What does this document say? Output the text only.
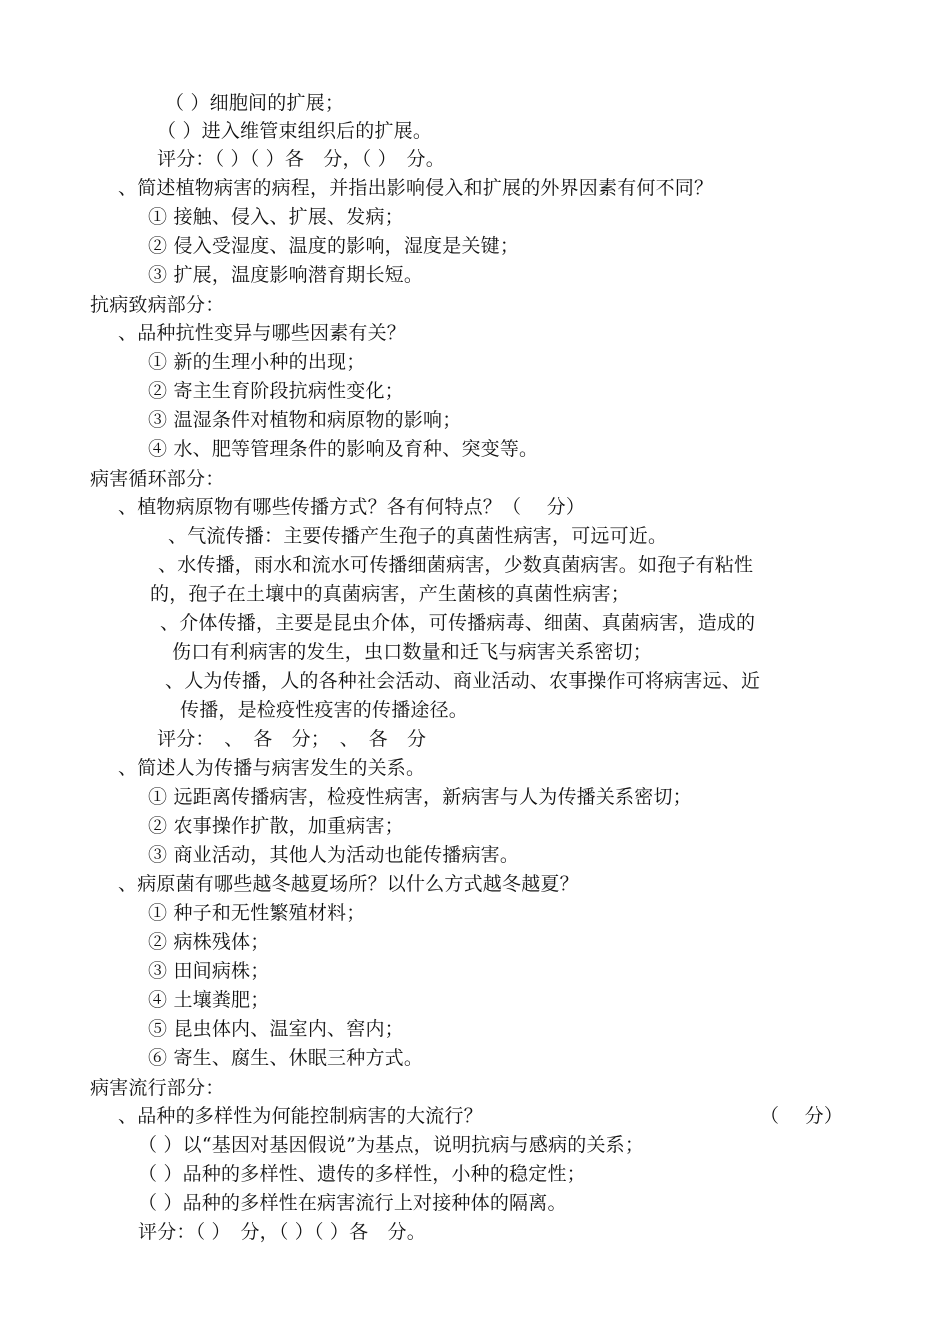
（ ）细胞间的扩展；
（ ）进入维管束组织后的扩展。
评分：（ ）（ ）各　分，（ ）　分。
、简述植物病害的病程，并指出影响侵入和扩展的外界因素有何不同？
① 接触、侵入、扩展、发病；
② 侵入受湿度、温度的影响，湿度是关键；
③ 扩展，温度影响潜育期长短。
抗病致病部分：
、品种抗性变异与哪些因素有关？
① 新的生理小种的出现；
② 寄主生育阶段抗病性变化；
③ 温湿条件对植物和病原物的影响；
④ 水、肥等管理条件的影响及育种、突变等。
病害循环部分：
、植物病原物有哪些传播方式？各有何特点？（　 分）
、气流传播：主要传播产生孢子的真菌性病害，可远可近。
、水传播，雨水和流水可传播细菌病害，少数真菌病害。如孢子有粘性
的，孢子在土壤中的真菌病害，产生菌核的真菌性病害；
、介体传播，主要是昆虫介体，可传播病毒、细菌、真菌病害，造成的
伤口有利病害的发生，虫口数量和迁飞与病害关系密切；
、人为传播，人的各种社会活动、商业活动、农事操作可将病害远、近
传播，是检疫性疫害的传播途径。
评分：　、　各　分；　、　各　分
、简述人为传播与病害发生的关系。
① 远距离传播病害，检疫性病害，新病害与人为传播关系密切；
② 农事操作扩散，加重病害；
③ 商业活动，其他人为活动也能传播病害。
、病原菌有哪些越冬越夏场所？以什么方式越冬越夏？
① 种子和无性繁殖材料；
② 病株残体；
③ 田间病株；
④ 土壤粪肥；
⑤ 昆虫体内、温室内、窖内；
⑥ 寄生、腐生、休眠三种方式。
病害流行部分：
、品种的多样性为何能控制病害的大流行？	（　 分）
（ ）以“基因对基因假说”为基点，说明抗病与感病的关系；
（ ）品种的多样性、遗传的多样性，小种的稳定性；
（ ）品种的多样性在病害流行上对接种体的隔离。
评分：（ ）　分，（ ）（ ）各　分。
